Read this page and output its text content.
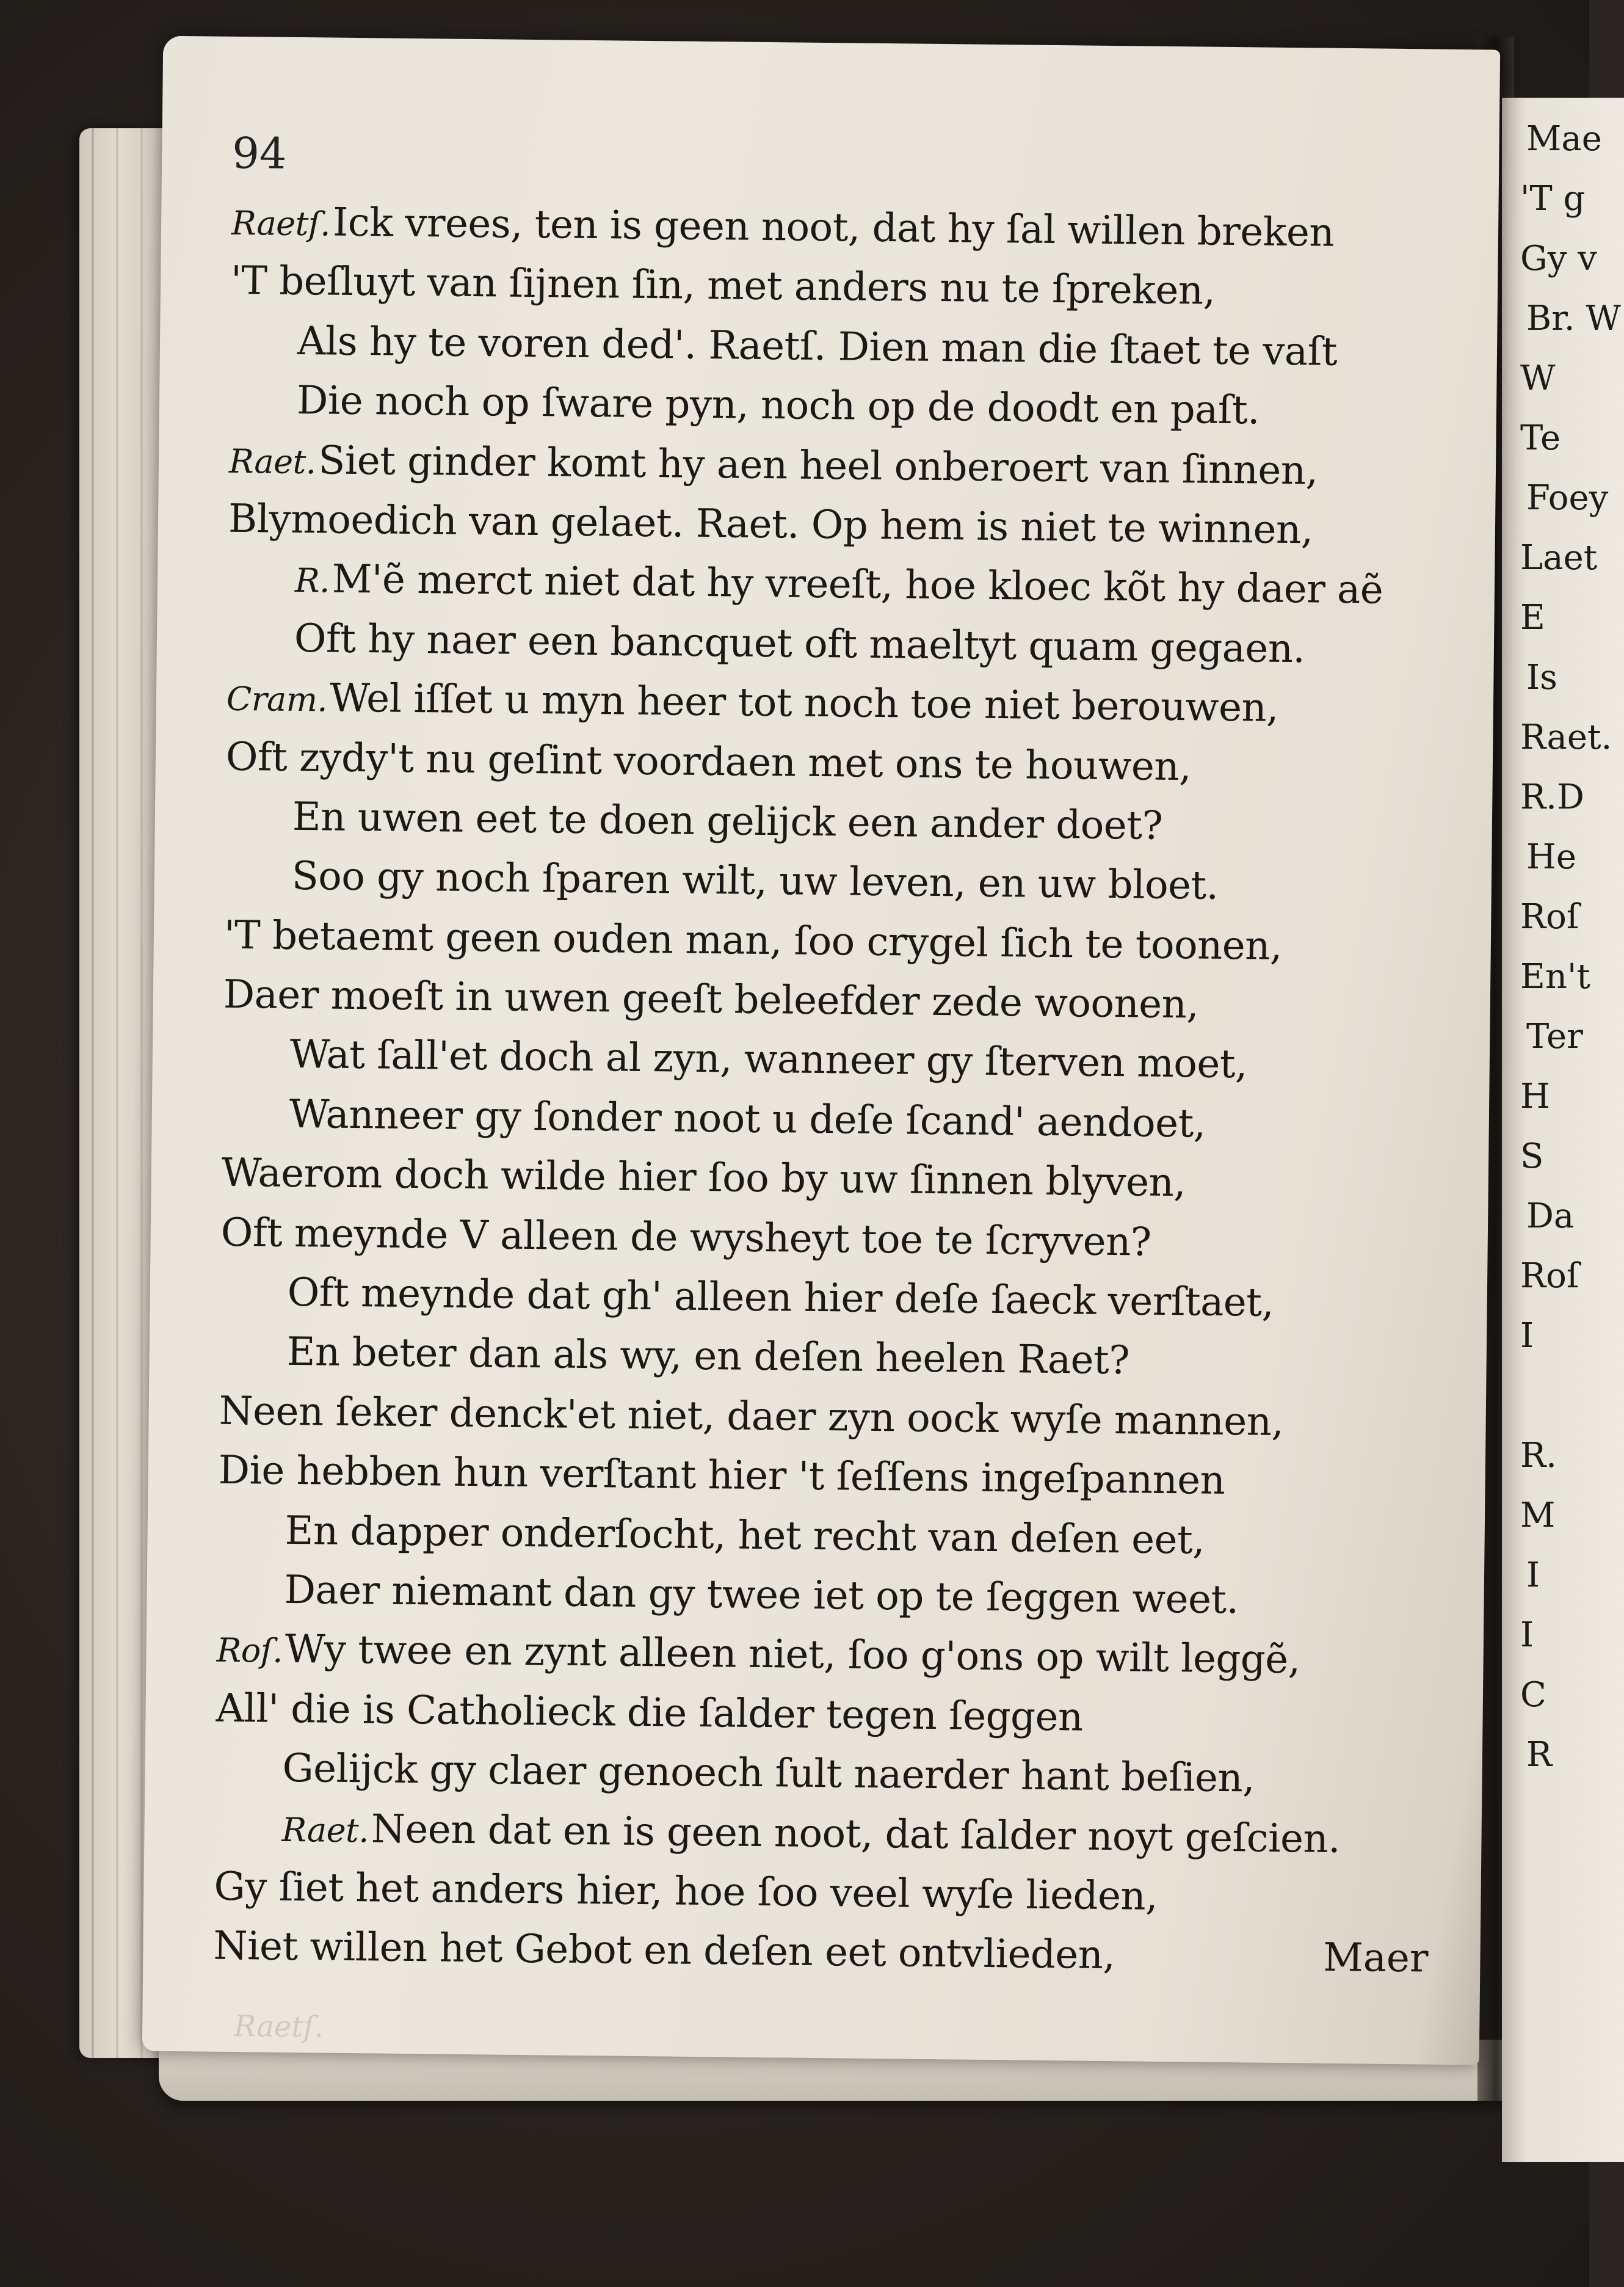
Mae
'T g
Gy v
Br. W
W
Te
Foey
Laet
E
Is
Raet.
R.D
He
Roſ
En't
Ter
H
S
Da
Roſ
I
R.
M
I
I
C
R
94
Raetſ.Ick vrees, ten is geen noot, dat hy ſal willen breken
'T beſluyt van ſijnen ſin, met anders nu te ſpreken,
Als hy te voren ded'. Raetſ. Dien man die ſtaet te vaſt
Die noch op ſware pyn, noch op de doodt en paſt.
Raet.Siet ginder komt hy aen heel onberoert van ſinnen,
Blymoedich van gelaet. Raet. Op hem is niet te winnen,
R.M'ẽ merct niet dat hy vreeſt, hoe kloec kõt hy daer aẽ
Oft hy naer een bancquet oft maeltyt quam gegaen.
Cram.Wel iſſet u myn heer tot noch toe niet berouwen,
Oft zydy't nu geſint voordaen met ons te houwen,
En uwen eet te doen gelijck een ander doet?
Soo gy noch ſparen wilt, uw leven, en uw bloet.
'T betaemt geen ouden man, ſoo crygel ſich te toonen,
Daer moeſt in uwen geeſt beleefder zede woonen,
Wat ſall'et doch al zyn, wanneer gy ſterven moet,
Wanneer gy ſonder noot u deſe ſcand' aendoet,
Waerom doch wilde hier ſoo by uw ſinnen blyven,
Oft meynde V alleen de wysheyt toe te ſcryven?
Oft meynde dat gh' alleen hier deſe ſaeck verſtaet,
En beter dan als wy, en deſen heelen Raet?
Neen ſeker denck'et niet, daer zyn oock wyſe mannen,
Die hebben hun verſtant hier 't ſeſſens ingeſpannen
En dapper onderſocht, het recht van deſen eet,
Daer niemant dan gy twee iet op te ſeggen weet.
Roſ.Wy twee en zynt alleen niet, ſoo g'ons op wilt leggẽ,
All' die is Catholieck die ſalder tegen ſeggen
Gelijck gy claer genoech ſult naerder hant beſien,
Raet.Neen dat en is geen noot, dat ſalder noyt geſcien.
Gy ſiet het anders hier, hoe ſoo veel wyſe lieden,
Niet willen het Gebot en deſen eet ontvlieden,	Maer
Raetſ.
